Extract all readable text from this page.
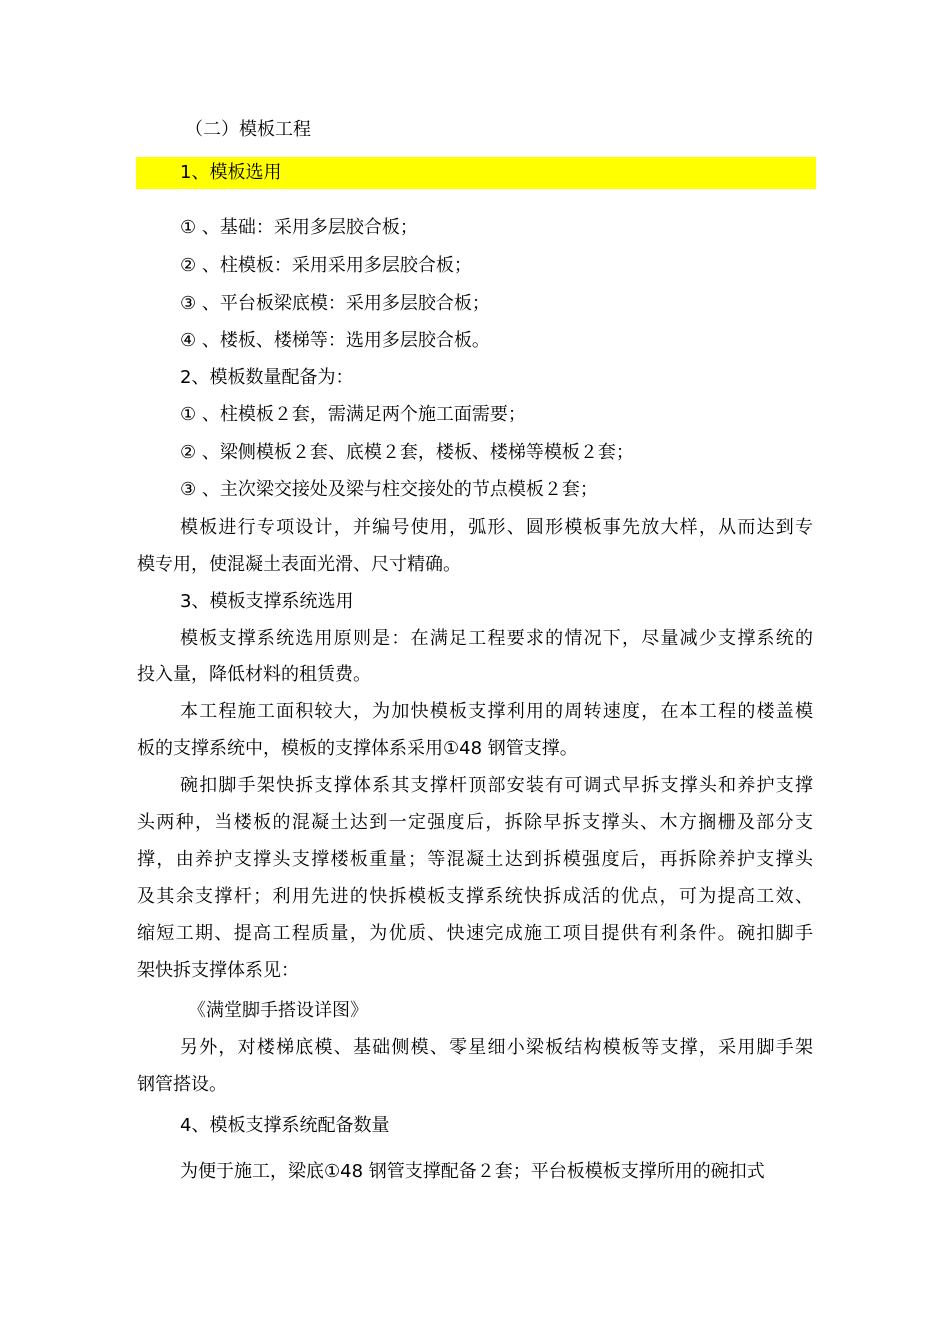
（二）模板工程
1、模板选用
① 、基础：采用多层胶合板；
② 、柱模板：采用采用多层胶合板；
③ 、平台板梁底模：采用多层胶合板；
④ 、楼板、楼梯等：选用多层胶合板。
2、模板数量配备为：
① 、柱模板２套，需满足两个施工面需要；
② 、梁侧模板２套、底模２套，楼板、楼梯等模板２套；
③ 、主次梁交接处及梁与柱交接处的节点模板２套；
模板进行专项设计，并编号使用，弧形、圆形模板事先放大样，从而达到专
模专用，使混凝土表面光滑、尺寸精确。
3、模板支撑系统选用
模板支撑系统选用原则是：在满足工程要求的情况下，尽量减少支撑系统的
投入量，降低材料的租赁费。
本工程施工面积较大，为加快模板支撑利用的周转速度，在本工程的楼盖模
板的支撑系统中，模板的支撑体系采用①48 钢管支撑。
碗扣脚手架快拆支撑体系其支撑杆顶部安装有可调式早拆支撑头和养护支撑
头两种，当楼板的混凝土达到一定强度后，拆除早拆支撑头、木方搁栅及部分支
撑，由养护支撑头支撑楼板重量；等混凝土达到拆模强度后，再拆除养护支撑头
及其余支撑杆；利用先进的快拆模板支撑系统快拆成活的优点，可为提高工效、
缩短工期、提高工程质量，为优质、快速完成施工项目提供有利条件。碗扣脚手
架快拆支撑体系见：
《满堂脚手搭设详图》
另外，对楼梯底模、基础侧模、零星细小梁板结构模板等支撑，采用脚手架
钢管搭设。
4、模板支撑系统配备数量
为便于施工，梁底①48 钢管支撑配备２套；平台板模板支撑所用的碗扣式
